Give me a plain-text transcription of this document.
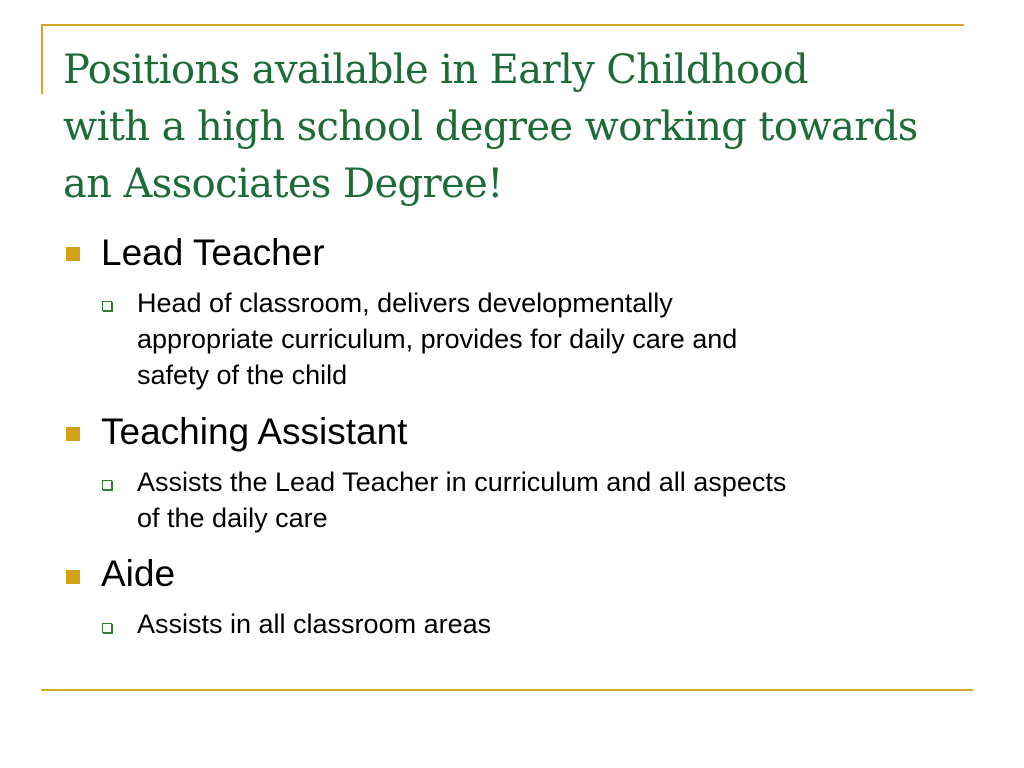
Positions available in Early Childhood
with a high school degree working towards
an Associates Degree!
Lead Teacher
Head of classroom, delivers developmentally
appropriate curriculum, provides for daily care and
safety of the child
Teaching Assistant
Assists the Lead Teacher in curriculum and all aspects
of the daily care
Aide
Assists in all classroom areas
